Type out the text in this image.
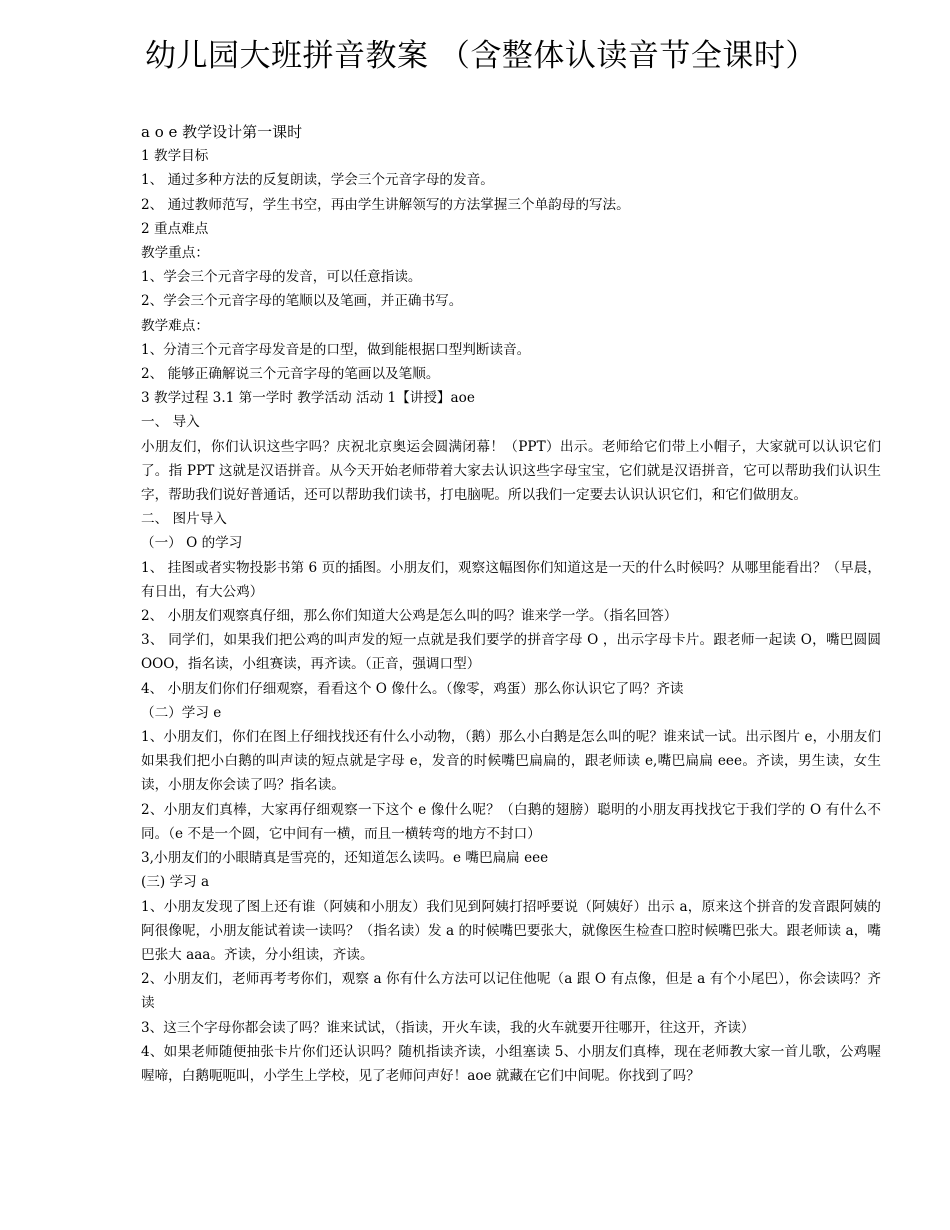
幼儿园大班拼音教案 （含整体认读音节全课时）

a o e 教学设计第一课时

1 教学目标

1、 通过多种方法的反复朗读，学会三个元音字母的发音。

2、 通过教师范写，学生书空，再由学生讲解领写的方法掌握三个单韵母的写法。

2 重点难点

教学重点：

1、学会三个元音字母的发音，可以任意指读。

2、学会三个元音字母的笔顺以及笔画，并正确书写。

教学难点：

1、分清三个元音字母发音是的口型，做到能根据口型判断读音。

2、 能够正确解说三个元音字母的笔画以及笔顺。

3 教学过程 3.1 第一学时 教学活动 活动 1【讲授】aoe

一、 导入

小朋友们，你们认识这些字吗？庆祝北京奥运会圆满闭幕！（PPT）出示。老师给它们带上小帽子，大家就可以认识它们了。指 PPT 这就是汉语拼音。从今天开始老师带着大家去认识这些字母宝宝，它们就是汉语拼音，它可以帮助我们认识生字，帮助我们说好普通话，还可以帮助我们读书，打电脑呢。所以我们一定要去认识认识它们，和它们做朋友。

二、 图片导入

（一） O 的学习

1、 挂图或者实物投影书第 6 页的插图。小朋友们，观察这幅图你们知道这是一天的什么时候吗？从哪里能看出？（早晨，有日出，有大公鸡）

2、 小朋友们观察真仔细，那么你们知道大公鸡是怎么叫的吗？谁来学一学。（指名回答）

3、 同学们，如果我们把公鸡的叫声发的短一点就是我们要学的拼音字母 O ，出示字母卡片。跟老师一起读 O，嘴巴圆圆 OOO，指名读，小组赛读，再齐读。（正音，强调口型）

4、 小朋友们你们仔细观察，看看这个 O 像什么。（像零，鸡蛋）那么你认识它了吗？齐读

（二）学习 e

1、小朋友们，你们在图上仔细找找还有什么小动物，（鹅）那么小白鹅是怎么叫的呢？谁来试一试。出示图片 e，小朋友们如果我们把小白鹅的叫声读的短点就是字母 e，发音的时候嘴巴扁扁的，跟老师读 e,嘴巴扁扁 eee。齐读，男生读，女生读，小朋友你会读了吗？指名读。

2、小朋友们真棒，大家再仔细观察一下这个 e 像什么呢？（白鹅的翅膀）聪明的小朋友再找找它于我们学的 O 有什么不同。（e 不是一个圆，它中间有一横，而且一横转弯的地方不封口）

3,小朋友们的小眼睛真是雪亮的，还知道怎么读吗。e 嘴巴扁扁 eee

(三) 学习 a

1、小朋友发现了图上还有谁（阿姨和小朋友）我们见到阿姨打招呼要说（阿姨好）出示 a，原来这个拼音的发音跟阿姨的阿很像呢，小朋友能试着读一读吗？（指名读）发 a 的时候嘴巴要张大，就像医生检查口腔时候嘴巴张大。跟老师读 a，嘴巴张大 aaa。齐读，分小组读，齐读。

2、小朋友们，老师再考考你们，观察 a 你有什么方法可以记住他呢（a 跟 O 有点像，但是 a 有个小尾巴），你会读吗？齐读

3、这三个字母你都会读了吗？谁来试试，（指读，开火车读，我的火车就要开往哪开，往这开，齐读）

4、如果老师随便抽张卡片你们还认识吗？随机指读齐读，小组塞读 5、小朋友们真棒，现在老师教大家一首儿歌，公鸡喔喔啼，白鹅呃呃叫，小学生上学校，见了老师问声好！aoe 就藏在它们中间呢。你找到了吗？
